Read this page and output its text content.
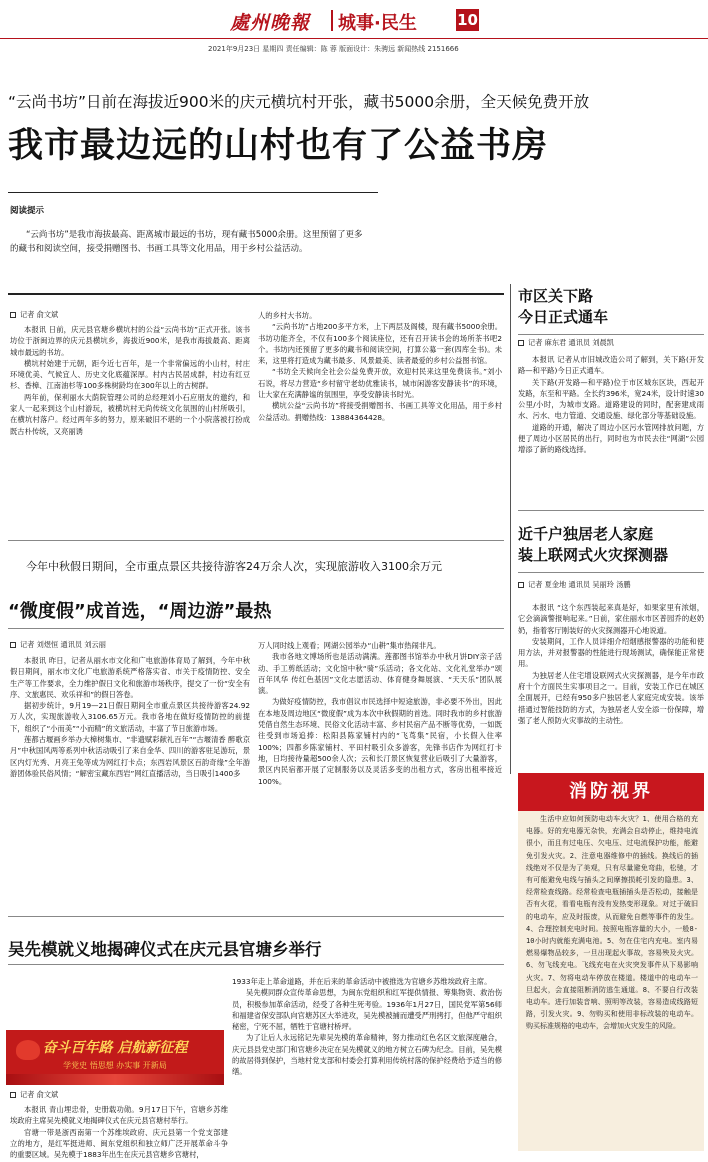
處州晚報 城事·民生	10
2021年9月23日 星期四 责任编辑：陈 蓉 版面设计：朱骋远 新闻热线 2151666
“云尚书坊”日前在海拔近900米的庆元横坑村开张，藏书5000余册，全天候免费开放
我市最边远的山村也有了公益书房
阅读提示
“云尚书坊”是我市海拔最高、距离城市最远的书坊，现有藏书5000余册。这里预留了更多的藏书和阅读空间，接受捐赠图书、书画工具等文化用品，用于乡村公益活动。
记者 俞文斌

本报讯 日前，庆元县官塘乡横坑村的公益“云尚书坊”正式开张。该书坊位于浙闽边界的庆元县横坑乡，海拔近900米，是我市海拔最高、距离城市最远的书坊。

横坑村始建于元朝，距今近七百年，是一个非常偏远的小山村，村庄环境优美、气候宜人、历史文化底蕴深厚。村内古民居成群，村边有红豆杉、香樟、江南油杉等100多株树龄均在300年以上的古树群。

两年前，保利丽水大荫院管理公司的总经理刘小石应朋友的邀约，和家人一起来到这个山村游玩，被横坑村无尚传统文化氛围的山村所吸引，在横坑村落户。经过两年多的努力，原来破旧不堪的一个小院落被打扮成既古朴传统，又亮丽诱

人的乡村大书坊。

“云尚书坊”占地200多平方米，上下两层及阁楼，现有藏书5000余册。书坊功能齐全，不仅有100多个阅读座位，还有召开读书会的场所茶书吧2个。书坊内还预留了更多的藏书和阅读空间，打算公募一套(四库全书)。未来，这里将打造成为藏书最多、风景最美、读者最爱的乡村公益图书馆。

“书坊全天候向全社会公益免费开放，欢迎村民来这里免费读书。”刘小石说，将尽力营造“乡村留守老幼优雅读书，城市闲游客安静读书”的环境，让大家在充满静谧的氛围里，享受安静读书时光。

横坑公益“云尚书坊”将接受捐赠图书、书画工具等文化用品，用于乡村公益活动。捐赠热线：13884364428。

市区关下路
今日正式通车
记者 麻东君 通讯员 刘晨凯

本报讯 记者从市旧城改造公司了解到，关下路(开发路—和平路)今日正式通车。

关下路(开发路—和平路)位于市区城东区块，西起开发路，东至和平路。全长约396米，宽24米，设计时速30公里/小时，为城市支路。道路建设的同时，配套建成雨水、污水、电力管道、交通设施、绿化部分等基础设施。

道路的开通，解决了周边小区污水管网排放问题，方便了周边小区居民的出行，同时也为市民去往“网湖”公园增添了新的路线选择。

近千户独居老人家庭
装上联网式火灾探测器
记者 夏金地 通讯员 吴丽玲 汤鹏

本报讯 “这个东西装起来真是好，如果家里有浓烟，它会滴滴警报响起来。”日前，家住丽水市区普园乔的赵奶奶，指着客厅刚装好的火灾探测器开心地说道。

安装期间，工作人员详细介绍烟感报警器的功能和使用方法，并对报警器的性能进行现场测试，确保能正常使用。

为独居老人住宅增设联网式火灾探测器，是今年市政府十个方面民生实事项目之一。目前，安装工作已在城区全面展开，已经有950多户独居老人家庭完成安装。该举措通过智能技防的方式，为独居老人安全添一份保障，增强了老人预防火灾事故的主动性。

消防视界

生活中应如何预防电动车火灾？1、使用合格的充电器。好的充电器无杂快，充满会自动停止，维持电流很小，而且有过电压、欠电压、过电流保护功能，能避免引发火灾。2、注意电器维修中的插线。换线后的插线绝对不仅是为了美观，只有尽量避免弯曲，松驰，才有可能避免电线与插头之间摩擦损耗引发的隐患。3、经常检查线路。经常检查电瓶插插头是否松动，接触是否有火花，看看电瓶有没有发热变形现象。对过于破旧的电动车，应及时报废，从而避免自燃等事件的发生。4、合理控制充电时间。按照电瓶容量的大小，一般8-10小时内就能充满电池。5、勿在住宅内充电。室内易燃易爆物品较多，一旦出现起火事故，容易殃及火灾。6、勿飞线充电。飞线充电在火灾突发事件从下易影响火灾。7、勿将电动车停放在楼道。楼道中的电动车一旦起火，会直接阻断消防逃生通道。8、不要自行改装电动车。进行加装音响、照明等改装，容易造成线路短路，引发火灾。9、勿购买和使用非标改装的电动车。购买标准规格的电动车，会增加火灾发生的风险。

今年中秋假日期间，全市重点景区共接待游客24万余人次，实现旅游收入3100余万元
“微度假”成首选，“周边游”最热
记者 刘煜恒 通讯员 刘云丽

本报讯 昨日，记者从丽水市文化和广电旅游体育局了解到，今年中秋假日期间，丽水市文化广电旅游系统严格落实省、市关于疫情防控、安全生产等工作要求，全力维护假日文化和旅游市场秩序，提交了一份“安全有序、文旅惠民、欢乐祥和”的假日答卷。

据初步统计，9月19—21日假日期间全市重点景区共接待游客24.92万人次，实现旅游收入3106.65万元。我市各地在做好疫情防控的前提下，组织了“小而美”“小而精”的文旅活动，丰富了节日旅游市场。

莲都古堰画乡举办大樟树集市、“非遗赋彩献礼百年”“古堰清香 醉歌京月”中秋国风两等系列中秋活动吸引了来自金华、四川的游客驻足游玩，景区内灯光秀、月亮王兔等成为网红打卡点；东西岩风景区百韵奇缘”全年游游团体验民俗风情；“解密宝藏东西岩”网红直播活动，当日吸引1400多

万人同时线上观看；网湖公园举办“山耕”集市热闹非凡。

我市各地文博场所也是活动满满。莲都图书馆举办中秋月饼DIY亲子活动、手工剪纸活动；文化馆中秋“骑”乐活动；各文化站、文化礼堂举办“颂百年风华 传红色基因”文化志愿活动、体育健身舞展演、“天天乐”团队展演。

为做好疫情防控，我市倡议市民选择中短途旅游，非必要不外出，因此在本地及周边地区“微度假”成为本次中秋假期的首选。同时我市的乡村旅游凭借自然生态环境、民俗文化活动丰富、乡村民宿产品不断等优势，一如既往受到市场追捧：松阳县陈家铺村内的“飞茑集”民宿，小长假入住率100%；四都乡陈家铺村、平田村吸引众多游客，先锋书店作为网红打卡地，日均接待量超500余人次；云和长汀景区恢复营业后吸引了大量游客，景区内民宿都开展了定制服务以及灵活多变的出租方式，客房出租率接近100%。

吴先模就义地揭碑仪式在庆元县官塘乡举行
奋斗百年路 启航新征程
学党史 悟思想 办实事 开新局
记者 俞文斌

本报讯 青山埋忠骨，史册载功勋。9月17日下午，官塘乡苏维埃政府主席吴先模就义地揭碑仪式在庆元县官塘村举行。

官塘一带是浙西南第一个苏维埃政府、庆元县第一个党支部建立的地方，是红军挺进师、闽东党组织和独立师广泛开展革命斗争的重要区域。吴先模于1883年出生在庆元县官塘乡官塘村，

1933年走上革命道路，并在后来的革命活动中被推选为官塘乡苏维埃政府主席。

吴先模同群众宣传革命思想，为闽东党组织和红军提供情报、筹集物资、救治伤员，积极参加革命活动，经受了各种生死考验。1936年1月27日，国民党军第56师和福建省保安部队向官塘苏区大举进攻，吴先模被捕而遭受严刑拷打，但他严守组织秘密，宁死不屈，牺牲于官塘村桥坪。

为了让后人永远铭记先辈吴先模的革命精神，努力推动红色名区文旅深度融合，庆元县县党史部门和官塘乡决定在吴先模就义的地方树立石碑为纪念。目前，吴先模的故居得到保护，当地村党支部和村委会打算利用传统村落的保护经费给予适当的修缮。
